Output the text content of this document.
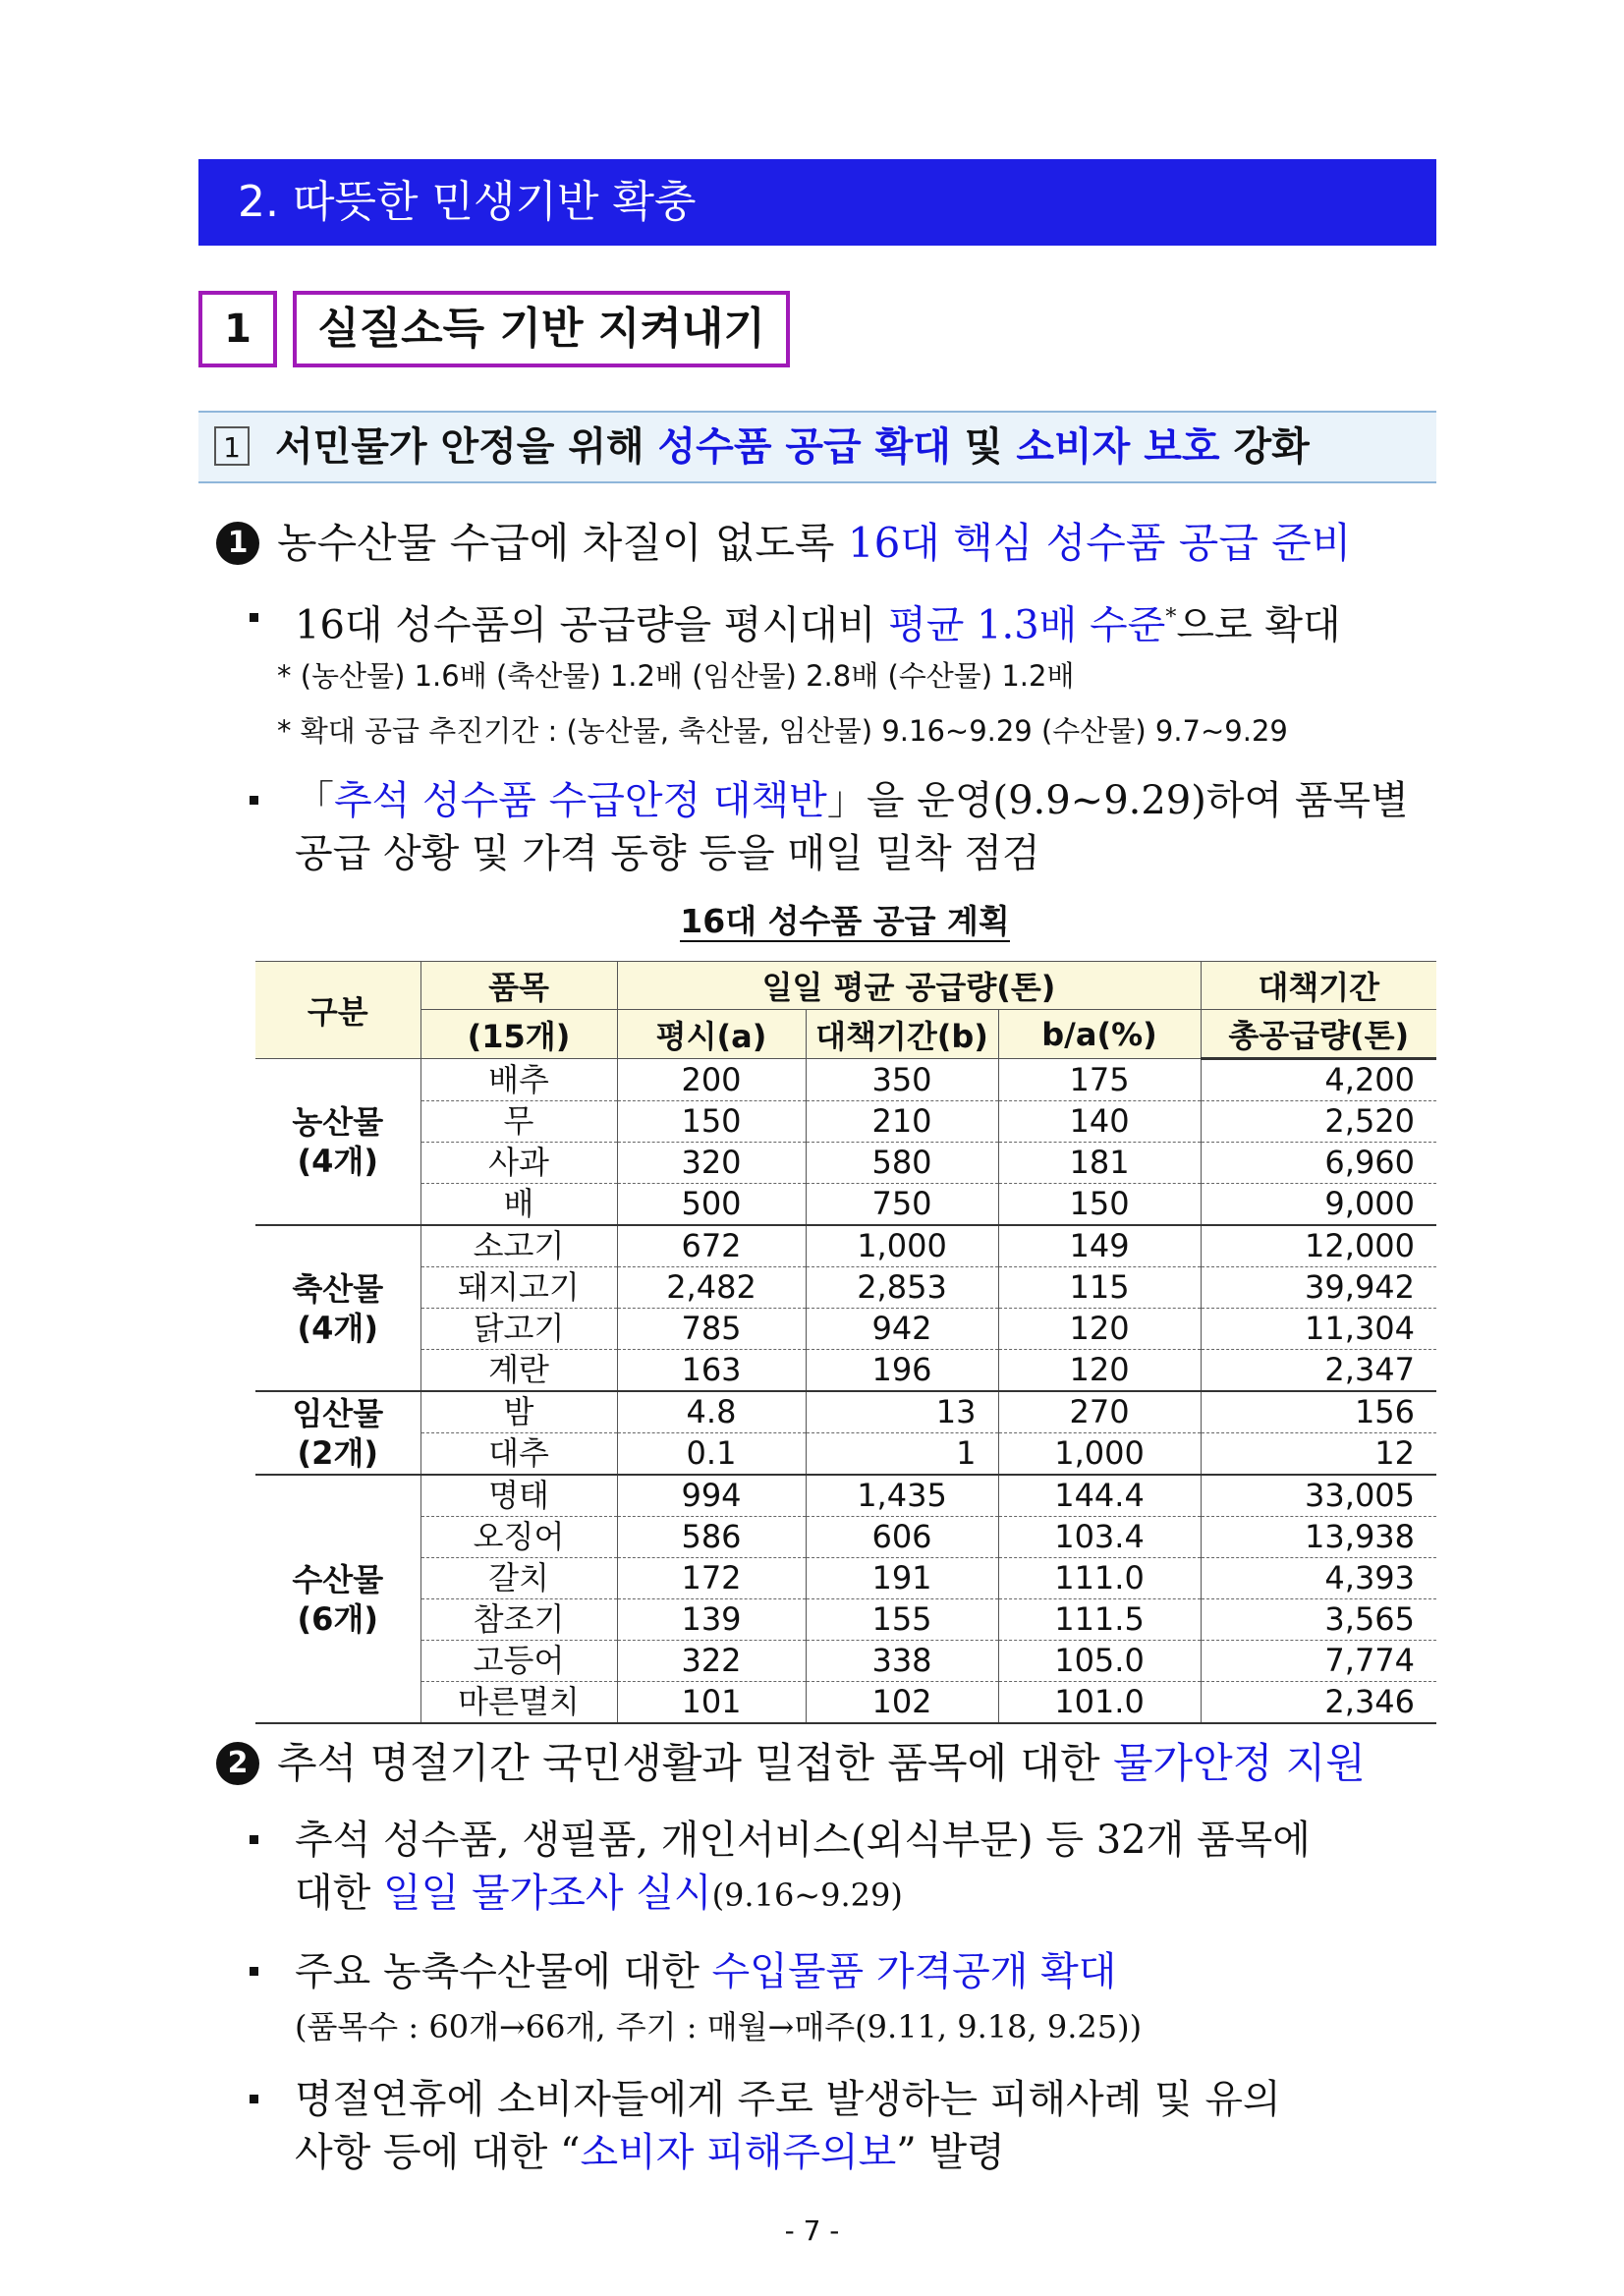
2. 따뜻한 민생기반 확충
1	실질소득 기반 지켜내기
1 서민물가 안정을 위해 성수품 공급 확대 및 소비자 보호 강화
1 농수산물 수급에 차질이 없도록 16대 핵심 성수품 공급 준비
16대 성수품의 공급량을 평시대비 평균 1.3배 수준*으로 확대
* (농산물) 1.6배 (축산물) 1.2배 (임산물) 2.8배 (수산물) 1.2배
* 확대 공급 추진기간 : (농산물, 축산물, 임산물) 9.16~9.29 (수산물) 9.7~9.29
「추석 성수품 수급안정 대책반」을 운영(9.9~9.29)하여 품목별
공급 상황 및 가격 동향 등을 매일 밀착 점검
16대 성수품 공급 계획
구분	품목	일일 평균 공급량(톤)			대책기간
	(15개)	평시(a)	대책기간(b)	b/a(%)	총공급량(톤)
농산물
(4개)	배추	200	350	175	4,200
	무	150	210	140	2,520
	사과	320	580	181	6,960
	배	500	750	150	9,000
축산물
(4개)	소고기	672	1,000	149	12,000
	돼지고기	2,482	2,853	115	39,942
	닭고기	785	942	120	11,304
	계란	163	196	120	2,347
임산물
(2개)	밤	4.8	13	270	156
	대추	0.1	1	1,000	12
수산물
(6개)	명태	994	1,435	144.4	33,005
	오징어	586	606	103.4	13,938
	갈치	172	191	111.0	4,393
	참조기	139	155	111.5	3,565
	고등어	322	338	105.0	7,774
	마른멸치	101	102	101.0	2,346
2 추석 명절기간 국민생활과 밀접한 품목에 대한 물가안정 지원
추석 성수품, 생필품, 개인서비스(외식부문) 등 32개 품목에
대한 일일 물가조사 실시(9.16~9.29)
주요 농축수산물에 대한 수입물품 가격공개 확대
(품목수 : 60개→66개, 주기 : 매월→매주(9.11, 9.18, 9.25))
명절연휴에 소비자들에게 주로 발생하는 피해사례 및 유의
사항 등에 대한 “소비자 피해주의보” 발령
- 7 -
